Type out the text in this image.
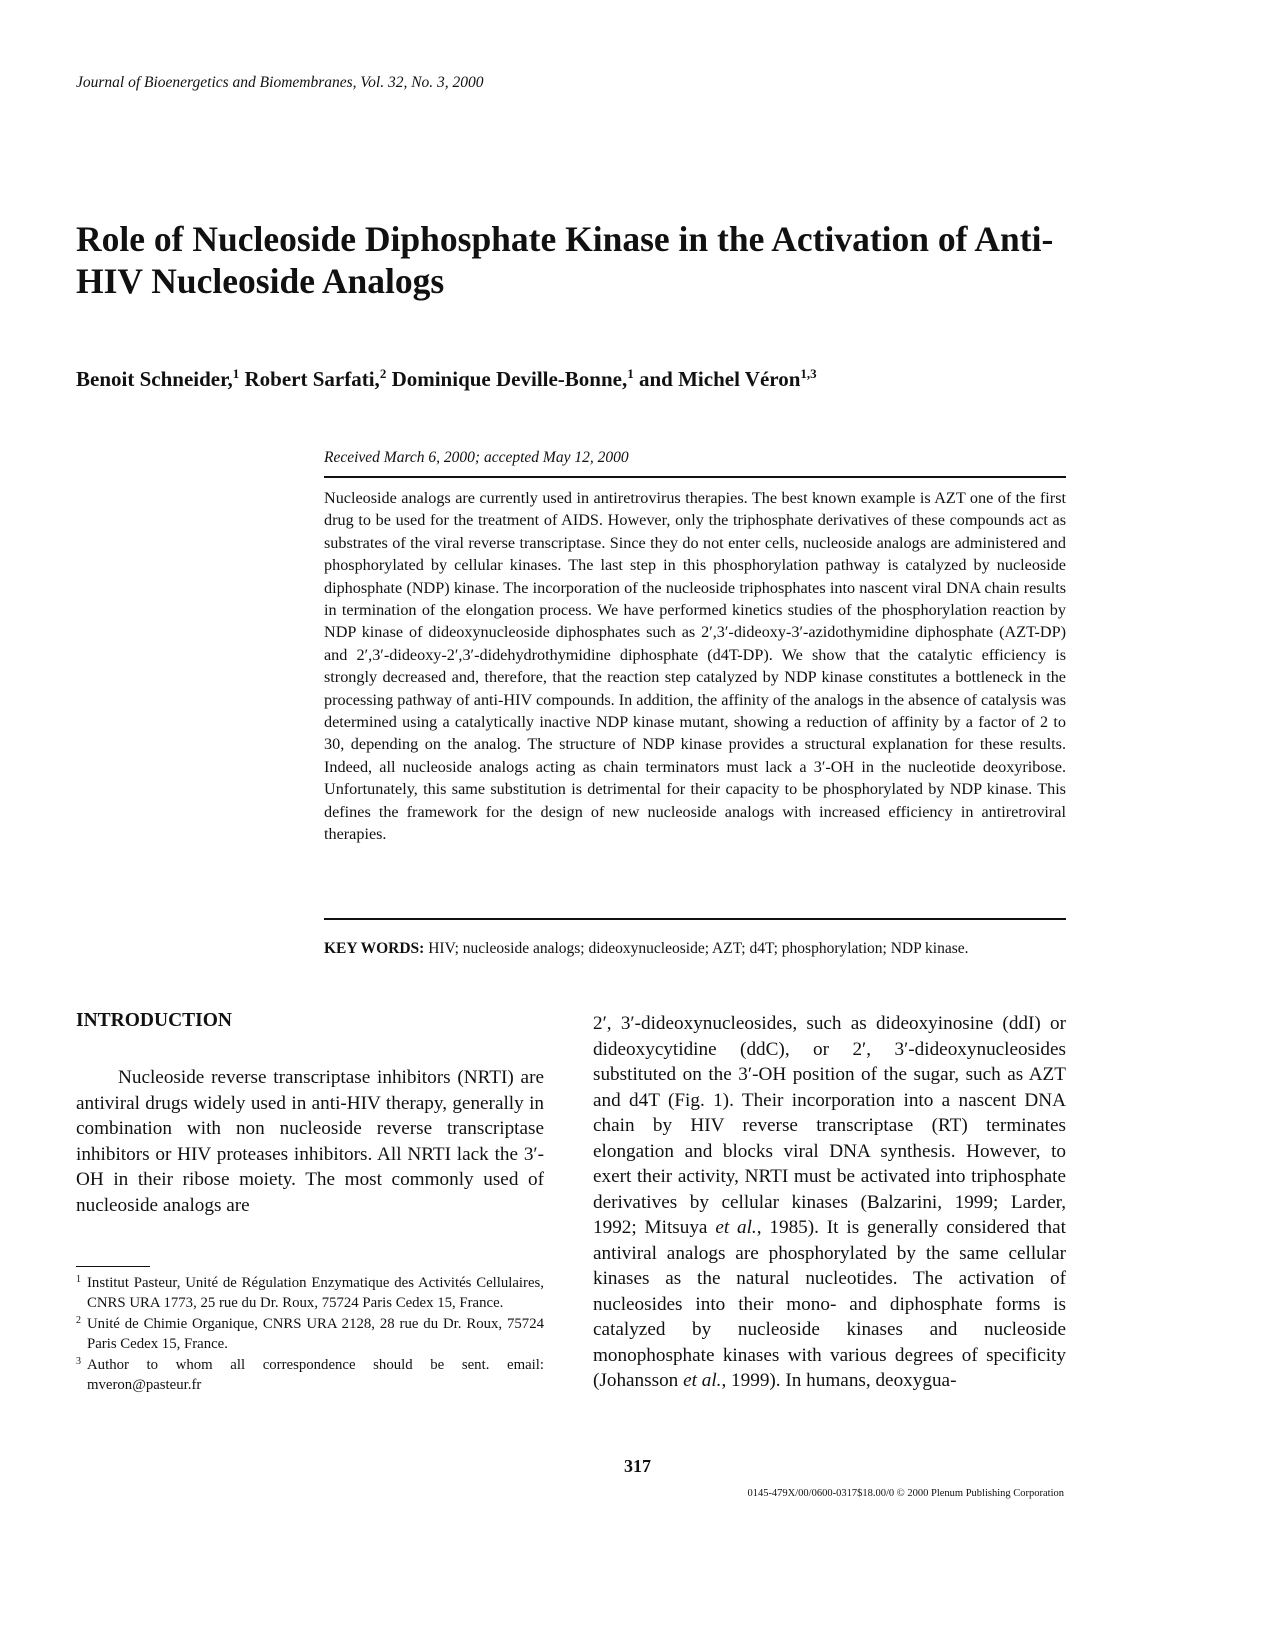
Journal of Bioenergetics and Biomembranes, Vol. 32, No. 3, 2000
Role of Nucleoside Diphosphate Kinase in the Activation of Anti-HIV Nucleoside Analogs
Benoit Schneider,$^1$ Robert Sarfati,$^2$ Dominique Deville-Bonne,$^1$ and Michel Véron$^{1,3}$
Received March 6, 2000; accepted May 12, 2000

Nucleoside analogs are currently used in antiretrovirus therapies. The best known example is AZT one of the first drug to be used for the treatment of AIDS. However, only the triphosphate derivatives of these compounds act as substrates of the viral reverse transcriptase. Since they do not enter cells, nucleoside analogs are administered and phosphorylated by cellular kinases. The last step in this phosphorylation pathway is catalyzed by nucleoside diphosphate (NDP) kinase. The incorporation of the nucleoside triphosphates into nascent viral DNA chain results in termination of the elongation process. We have performed kinetics studies of the phosphorylation reaction by NDP kinase of dideoxynucleoside diphosphates such as 2′,3′-dideoxy-3′-azidothymidine diphosphate (AZT-DP) and 2′,3′-dideoxy-2′,3′-didehydrothymidine diphosphate (d4T-DP). We show that the catalytic efficiency is strongly decreased and, therefore, that the reaction step catalyzed by NDP kinase constitutes a bottleneck in the processing pathway of anti-HIV compounds. In addition, the affinity of the analogs in the absence of catalysis was determined using a catalytically inactive NDP kinase mutant, showing a reduction of affinity by a factor of 2 to 30, depending on the analog. The structure of NDP kinase provides a structural explanation for these results. Indeed, all nucleoside analogs acting as chain terminators must lack a 3′-OH in the nucleotide deoxyribose. Unfortunately, this same substitution is detrimental for their capacity to be phosphorylated by NDP kinase. This defines the framework for the design of new nucleoside analogs with increased efficiency in antiretroviral therapies.

KEY WORDS: HIV; nucleoside analogs; dideoxynucleoside; AZT; d4T; phosphorylation; NDP kinase.
INTRODUCTION

Nucleoside reverse transcriptase inhibitors (NRTI) are antiviral drugs widely used in anti-HIV therapy, generally in combination with non nucleoside reverse transcriptase inhibitors or HIV proteases inhibitors. All NRTI lack the 3′-OH in their ribose moiety. The most commonly used of nucleoside analogs are

2′, 3′-dideoxynucleosides, such as dideoxyinosine (ddI) or dideoxycytidine (ddC), or 2′, 3′-dideoxynucleosides substituted on the 3′-OH position of the sugar, such as AZT and d4T (Fig. 1). Their incorporation into a nascent DNA chain by HIV reverse transcriptase (RT) terminates elongation and blocks viral DNA synthesis. However, to exert their activity, NRTI must be activated into triphosphate derivatives by cellular kinases (Balzarini, 1999; Larder, 1992; Mitsuya et al., 1985). It is generally considered that antiviral analogs are phosphorylated by the same cellular kinases as the natural nucleotides. The activation of nucleosides into their mono- and diphosphate forms is catalyzed by nucleoside kinases and nucleoside monophosphate kinases with various degrees of specificity (Johansson et al., 1999). In humans, deoxygua-

1 Institut Pasteur, Unité de Régulation Enzymatique des Activités Cellulaires, CNRS URA 1773, 25 rue du Dr. Roux, 75724 Paris Cedex 15, France.
2 Unité de Chimie Organique, CNRS URA 2128, 28 rue du Dr. Roux, 75724 Paris Cedex 15, France.
3 Author to whom all correspondence should be sent. email: mveron@pasteur.fr
317
0145-479X/00/0600-0317$18.00/0 © 2000 Plenum Publishing Corporation
